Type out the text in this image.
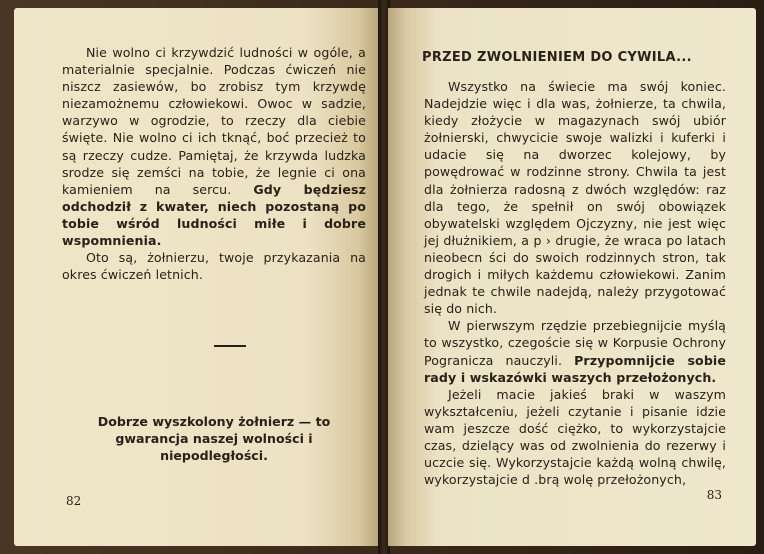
Nie wolno ci krzywdzić ludności w ogóle, a materialnie specjalnie. Podczas ćwiczeń nie niszcz zasiewów, bo zrobisz tym krzywdę niezamożnemu człowiekowi. Owoc w sadzie, warzywo w ogrodzie, to rzeczy dla ciebie święte. Nie wolno ci ich tknąć, boć przecież to są rzeczy cudze. Pamiętaj, że krzywda ludzka srodze się zemści na tobie, że legnie ci ona kamieniem na sercu. Gdy będziesz odchodził z kwater, niech pozostaną po tobie wśród ludności miłe i dobre wspomnienia.

Oto są, żołnierzu, twoje przykazania na okres ćwiczeń letnich.

Dobrze wyszkolony żołnierz — to gwarancja naszej wolności i niepodległości.

82

PRZED ZWOLNIENIEM DO CYWILA...

Wszystko na świecie ma swój koniec. Nadejdzie więc i dla was, żołnierze, ta chwila, kiedy złożycie w magazynach swój ubiór żołnierski, chwycicie swoje walizki i kuferki i udacie się na dworzec kolejowy, by powędrować w rodzinne strony. Chwila ta jest dla żołnierza radosną z dwóch względów: raz dla tego, że spełnił on swój obowiązek obywatelski względem Ojczyzny, nie jest więc jej dłużnikiem, a p › drugie, że wraca po latach nieobecn ści do swoich rodzinnych stron, tak drogich i miłych każdemu człowiekowi. Zanim jednak te chwile nadejdą, należy przygotować się do nich.

W pierwszym rzędzie przebiegnijcie myślą to wszystko, czegoście się w Korpusie Ochrony Pogranicza nauczyli. Przypomnijcie sobie rady i wskazówki waszych przełożonych.

Jeżeli macie jakieś braki w waszym wykształceniu, jeżeli czytanie i pisanie idzie wam jeszcze dość ciężko, to wykorzystajcie czas, dzielący was od zwolnienia do rezerwy i uczcie się. Wykorzystajcie każdą wolną chwilę, wykorzystajcie d .brą wolę przełożonych,

83
